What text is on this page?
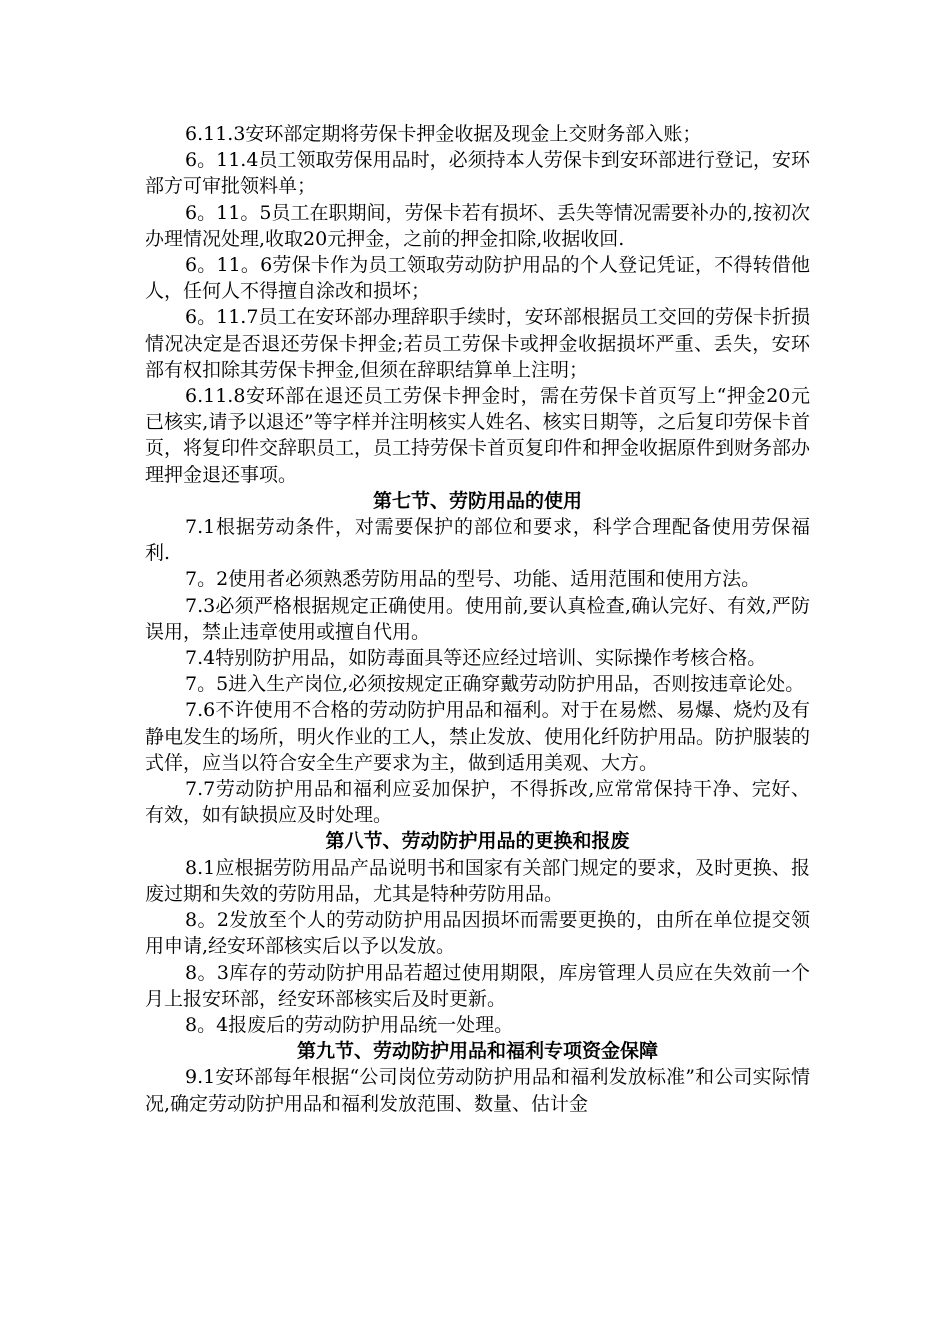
6.11.3安环部定期将劳保卡押金收据及现金上交财务部入账；

6。11.4员工领取劳保用品时，必须持本人劳保卡到安环部进行登记，安环部方可审批领料单；

6。11。5员工在职期间，劳保卡若有损坏、丢失等情况需要补办的,按初次办理情况处理,收取20元押金，之前的押金扣除,收据收回.

6。11。6劳保卡作为员工领取劳动防护用品的个人登记凭证，不得转借他人，任何人不得擅自涂改和损坏；

6。11.7员工在安环部办理辞职手续时，安环部根据员工交回的劳保卡折损情况决定是否退还劳保卡押金;若员工劳保卡或押金收据损坏严重、丢失，安环部有权扣除其劳保卡押金,但须在辞职结算单上注明；

6.11.8安环部在退还员工劳保卡押金时，需在劳保卡首页写上“押金20元已核实,请予以退还”等字样并注明核实人姓名、核实日期等，之后复印劳保卡首页，将复印件交辞职员工，员工持劳保卡首页复印件和押金收据原件到财务部办理押金退还事项。

第七节、劳防用品的使用

7.1根据劳动条件，对需要保护的部位和要求，科学合理配备使用劳保福利.

7。2使用者必须熟悉劳防用品的型号、功能、适用范围和使用方法。

7.3必须严格根据规定正确使用。使用前,要认真检查,确认完好、有效,严防误用，禁止违章使用或擅自代用。

7.4特别防护用品，如防毒面具等还应经过培训、实际操作考核合格。

7。5进入生产岗位,必须按规定正确穿戴劳动防护用品，否则按违章论处。

7.6不许使用不合格的劳动防护用品和福利。对于在易燃、易爆、烧灼及有静电发生的场所，明火作业的工人，禁止发放、使用化纤防护用品。防护服装的式佯，应当以符合安全生产要求为主，做到适用美观、大方。

7.7劳动防护用品和福利应妥加保护，不得拆改,应常常保持干净、完好、有效，如有缺损应及时处理。

第八节、劳动防护用品的更换和报废

8.1应根据劳防用品产品说明书和国家有关部门规定的要求，及时更换、报废过期和失效的劳防用品，尤其是特种劳防用品。

8。2发放至个人的劳动防护用品因损坏而需要更换的，由所在单位提交领用申请,经安环部核实后以予以发放。

8。3库存的劳动防护用品若超过使用期限，库房管理人员应在失效前一个月上报安环部，经安环部核实后及时更新。

8。4报废后的劳动防护用品统一处理。

第九节、劳动防护用品和福利专项资金保障

9.1安环部每年根据“公司岗位劳动防护用品和福利发放标准”和公司实际情况,确定劳动防护用品和福利发放范围、数量、估计金
